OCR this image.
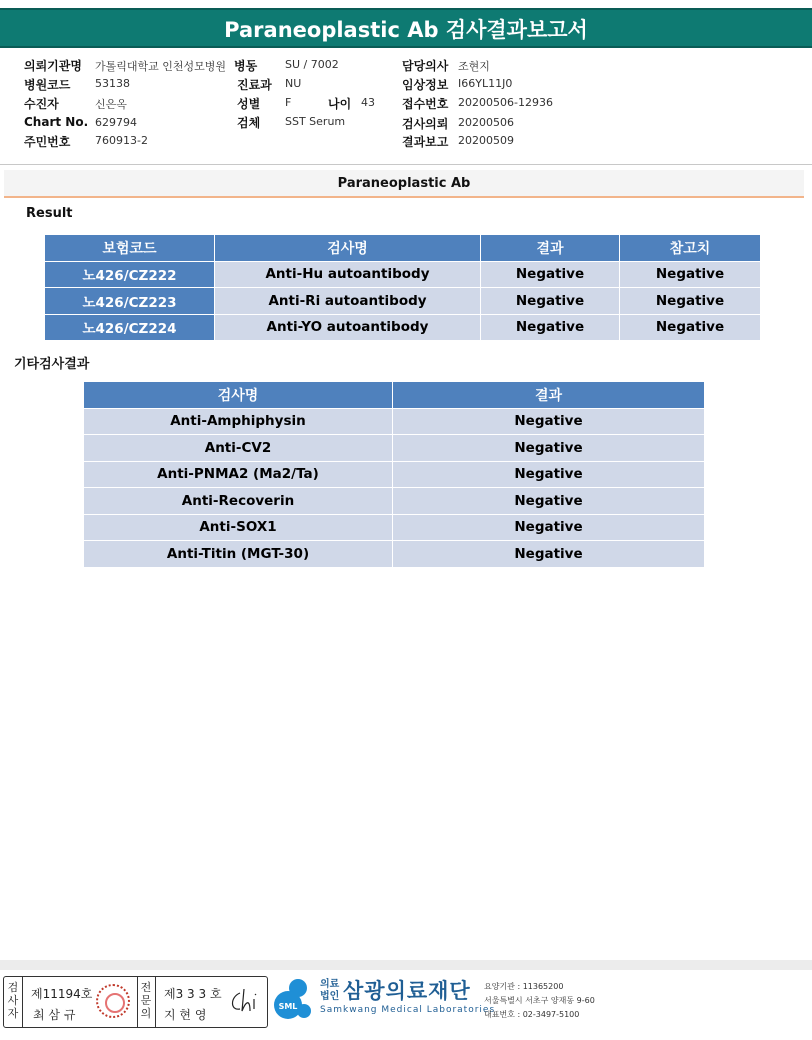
Paraneoplastic Ab 검사결과보고서
의뢰기관명 가톨릭대학교 인천성모병원 병동	SU / 7002	담당의사 조현지
병원코드 53138	진료과 NU	임상정보 I66YL11J0
수진자	신은옥	성별 F	나이 43 접수번호 20200506-12936
Chart No. 629794	검체 SST Serum	검사의뢰 20200506
주민번호 760913-2	결과보고 20200509
Paraneoplastic Ab
Result
보험코드	검사명	결과	참고치
노426/CZ222	Anti-Hu autoantibody	Negative	Negative
노426/CZ223	Anti-Ri autoantibody	Negative	Negative
노426/CZ224	Anti-YO autoantibody	Negative	Negative
기타검사결과
검사명	결과
Anti-Amphiphysin	Negative
Anti-CV2	Negative
Anti-PNMA2 (Ma2/Ta)	Negative
Anti-Recoverin	Negative
Anti-SOX1	Negative
Anti-Titin (MGT-30)	Negative
검사자
제11194호
최 삼 규
전문의
제3 3 3 호
지 현 영
SML
의료
법인 삼광의료재단
Samkwang Medical Laboratories
요양기관 : 11365200
서울특별시 서초구 양재동 9-60
대표번호 : 02-3497-5100
